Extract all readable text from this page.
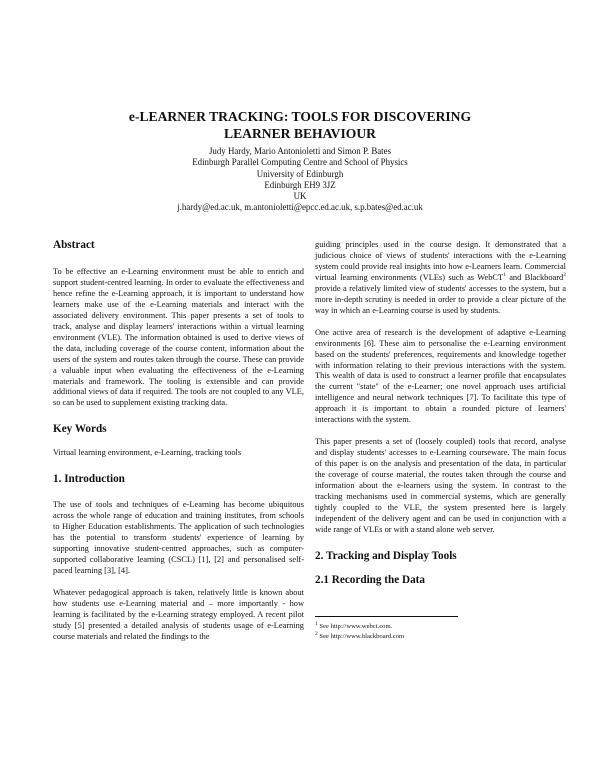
e-LEARNER TRACKING: TOOLS FOR DISCOVERING
LEARNER BEHAVIOUR
Judy Hardy, Mario Antonioletti and Simon P. Bates
Edinburgh Parallel Computing Centre and School of Physics
University of Edinburgh
Edinburgh EH9 3JZ
UK
j.hardy@ed.ac.uk, m.antonioletti@epcc.ed.ac.uk, s.p.bates@ed.ac.uk
Abstract

To be effective an e-Learning environment must be able to enrich and support student-centred learning. In order to evaluate the effectiveness and hence refine the e-Learning approach, it is important to understand how learners make use of the e-Learning materials and interact with the associated delivery environment. This paper presents a set of tools to track, analyse and display learners' interactions within a virtual learning environment (VLE). The information obtained is used to derive views of the data, including coverage of the course content, information about the users of the system and routes taken through the course. These can provide a valuable input when evaluating the effectiveness of the e-Learning materials and framework. The tooling is extensible and can provide additional views of data if required. The tools are not coupled to any VLE, so can be used to supplement existing tracking data.

Key Words

Virtual learning environment, e-Learning, tracking tools

1. Introduction

The use of tools and techniques of e-Learning has become ubiquitous across the whole range of education and training institutes, from schools to Higher Education establishments. The application of such technologies has the potential to transform students' experience of learning by supporting innovative student-centred approaches, such as computer-supported collaborative learning (CSCL) [1], [2] and personalised self-paced learning [3], [4].

Whatever pedagogical approach is taken, relatively little is known about how students use e-Learning material and – more importantly - how learning is facilitated by the e-Learning strategy employed. A recent pilot study [5] presented a detailed analysis of students usage of e-Learning course materials and related the findings to the

guiding principles used in the course design. It demonstrated that a judicious choice of views of students' interactions with the e-Learning system could provide real insights into how e-Learners learn. Commercial virtual learning environments (VLEs) such as WebCT$^1$ and Blackboard$^2$ provide a relatively limited view of students' accesses to the system, but a more in-depth scrutiny is needed in order to provide a clear picture of the way in which an e-Learning course is used by students.

One active area of research is the development of adaptive e-Learning environments [6]. These aim to personalise the e-Learning environment based on the students' preferences, requirements and knowledge together with information relating to their previous interactions with the system. This wealth of data is used to construct a learner profile that encapsulates the current "state" of the e-Learner; one novel approach uses artificial intelligence and neural network techniques [7]. To facilitate this type of approach it is important to obtain a rounded picture of learners' interactions with the system.

This paper presents a set of (loosely coupled) tools that record, analyse and display students' accesses to e-Learning courseware. The main focus of this paper is on the analysis and presentation of the data, in particular the coverage of course material, the routes taken through the course and information about the e-learners using the system. In contrast to the tracking mechanisms used in commercial systems, which are generally tightly coupled to the VLE, the system presented here is largely independent of the delivery agent and can be used in conjunction with a wide range of VLEs or with a stand alone web server.

2. Tracking and Display Tools
2.1 Recording the Data
$^1$ See http://www.webct.com.
$^2$ See http://www.blackboard.com
